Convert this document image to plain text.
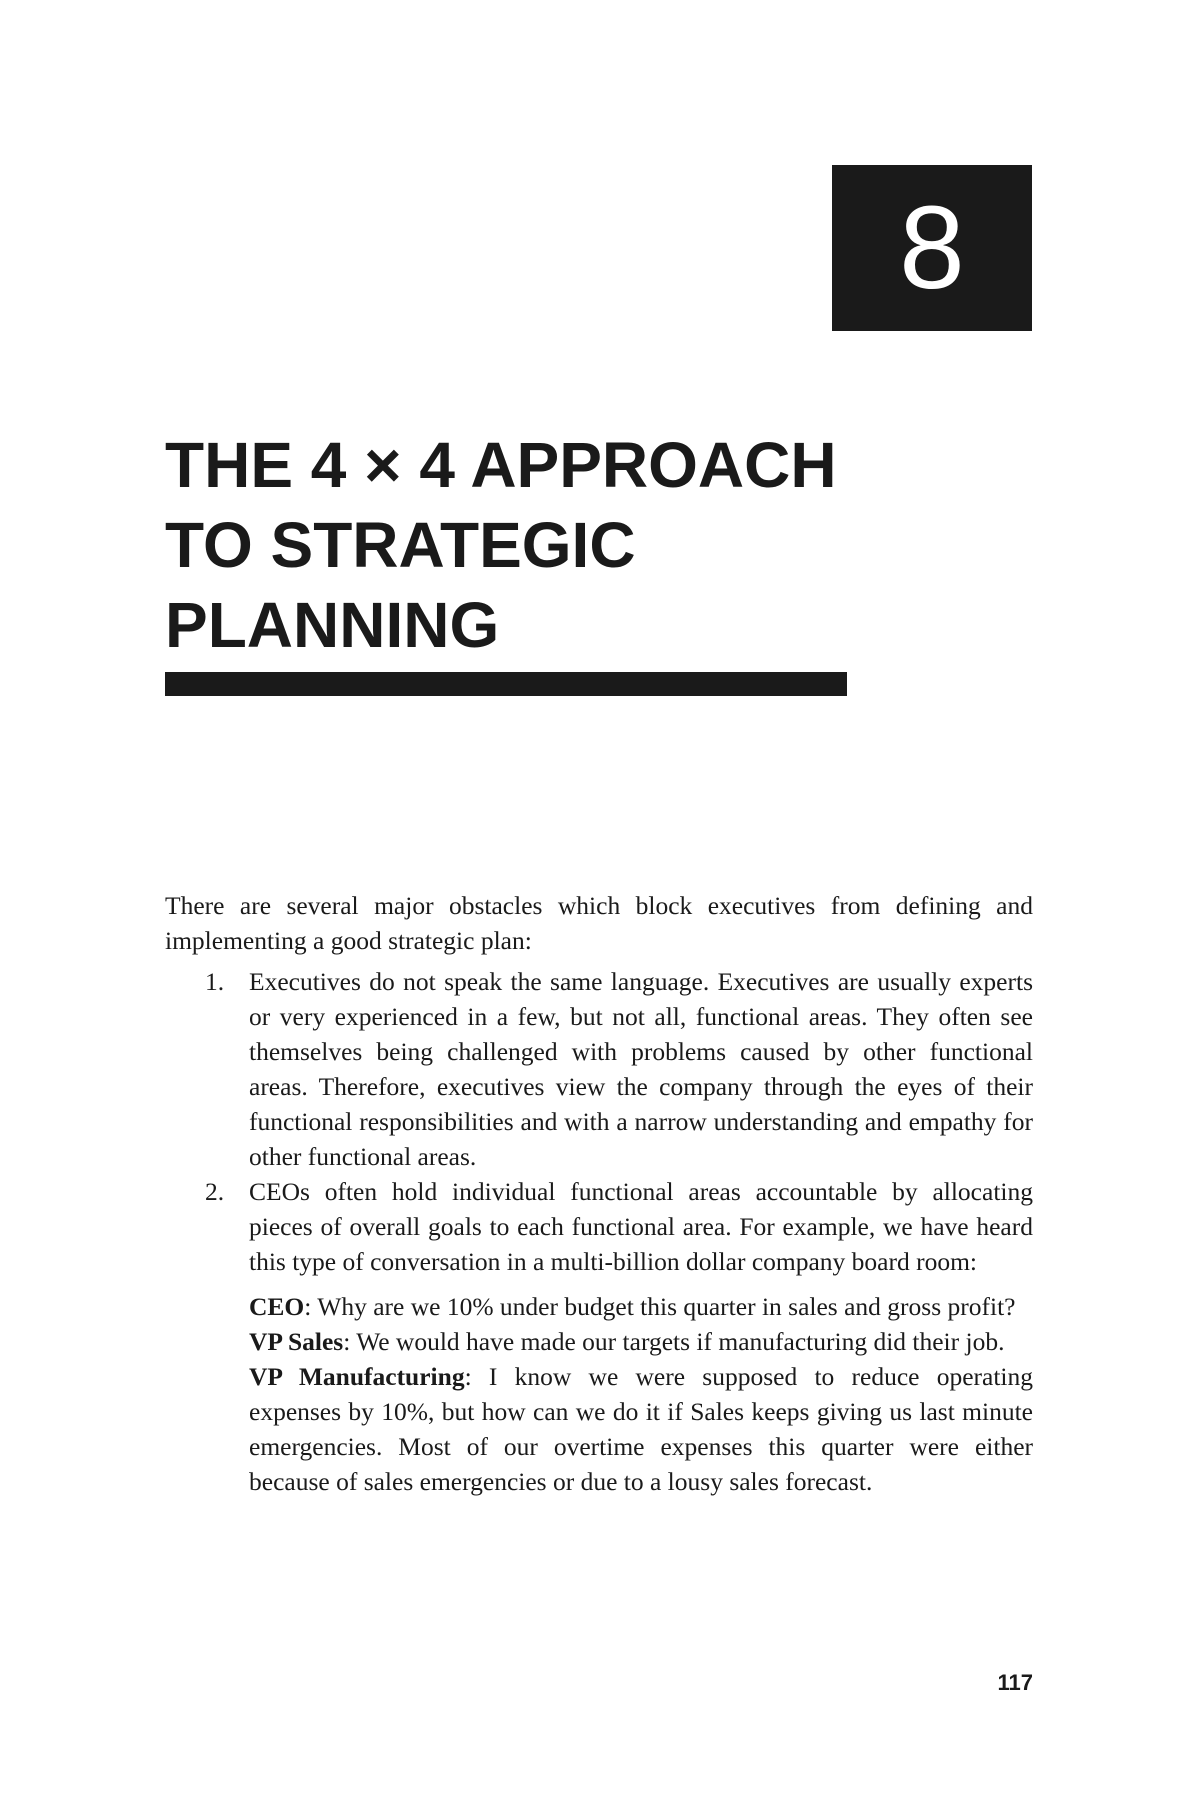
8
THE 4 × 4 APPROACH
TO STRATEGIC
PLANNING

There are several major obstacles which block executives from defining and implementing a good strategic plan:

1. Executives do not speak the same language. Executives are usually experts or very experienced in a few, but not all, functional areas. They often see themselves being challenged with problems caused by other functional areas. Therefore, executives view the company through the eyes of their functional responsibilities and with a narrow understanding and empathy for other functional areas.
2. CEOs often hold individual functional areas accountable by allocating pieces of overall goals to each functional area. For example, we have heard this type of conversation in a multi-billion dollar company board room:
CEO: Why are we 10% under budget this quarter in sales and gross profit?
VP Sales: We would have made our targets if manufacturing did their job.
VP Manufacturing: I know we were supposed to reduce operating expenses by 10%, but how can we do it if Sales keeps giving us last minute emergencies. Most of our overtime expenses this quarter were either because of sales emergencies or due to a lousy sales forecast.
117
